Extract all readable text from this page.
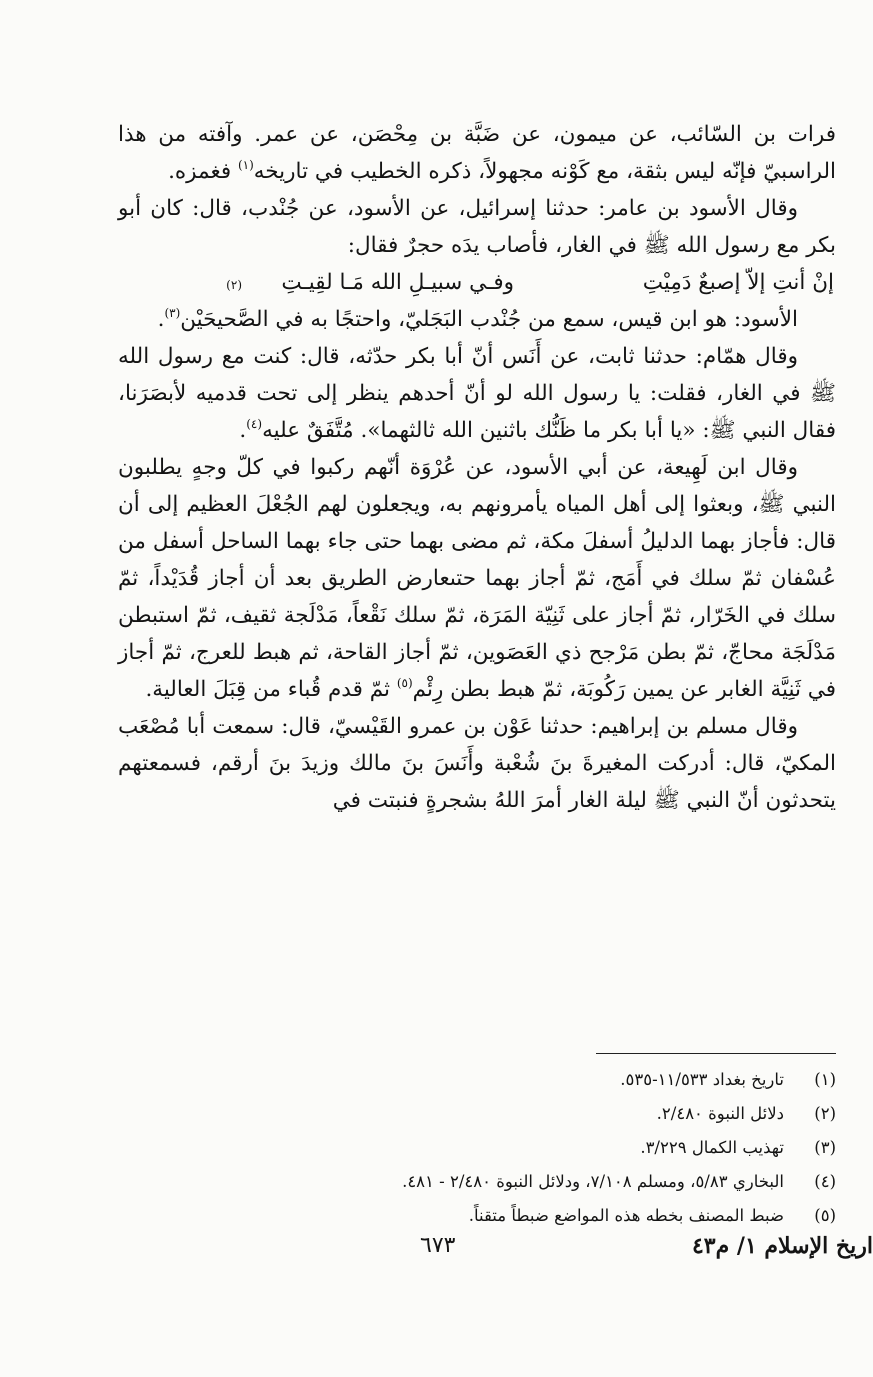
فرات بن السّائب، عن ميمون، عن ضَبَّة بن مِحْصَن، عن عمر. وآفته من هذا الراسبيّ فإنّه ليس بثقة، مع كَوْنه مجهولاً، ذكره الخطيب في تاريخه$^{(١)}$ فغمزه.

وقال الأسود بن عامر: حدثنا إسرائيل، عن الأسود، عن جُنْدب، قال: كان أبو بكر مع رسول الله ﷺ في الغار، فأصاب يدَه حجرٌ فقال:

إنْ أنتِ إلاّ إصبعٌ دَمِيْتِ
وفـي سبيـلِ الله مَـا لقِيـتِ
(٢)

الأسود: هو ابن قيس، سمع من جُنْدب البَجَليّ، واحتجًا به في الصَّحيحَيْن$^{(٣)}$.

وقال همّام: حدثنا ثابت، عن أَنَس أنّ أبا بكر حدّثه، قال: كنت مع رسول الله ﷺ في الغار، فقلت: يا رسول الله لو أنّ أحدهم ينظر إلى تحت قدميه لأبصَرَنا، فقال النبي ﷺ: «يا أبا بكر ما ظَنُّك باثنين الله ثالثهما». مُتَّفَقٌ عليه$^{(٤)}$.

وقال ابن لَهِيعة، عن أبي الأسود، عن عُرْوَة أنّهم ركبوا في كلّ وجهٍ يطلبون النبي ﷺ، وبعثوا إلى أهل المياه يأمرونهم به، ويجعلون لهم الجُعْلَ العظيم إلى أن قال: فأجاز بهما الدليلُ أسفلَ مكة، ثم مضى بهما حتى جاء بهما الساحل أسفل من عُسْفان ثمّ سلك في أَمَج، ثمّ أجاز بهما حتىعارض الطريق بعد أن أجاز قُدَيْداً، ثمّ سلك في الخَرّار، ثمّ أجاز على ثَنِيّة المَرَة، ثمّ سلك نَقْعاً، مَدْلَجة ثقيف، ثمّ استبطن مَدْلَجَة محاجّ، ثمّ بطن مَرْجح ذي العَصَوين، ثمّ أجاز القاحة، ثم هبط للعرج، ثمّ أجاز في ثَنِيَّة الغابر عن يمين رَكُوبَة، ثمّ هبط بطن رِئْم$^{(٥)}$ ثمّ قدم قُباء من قِبَلَ العالية.

وقال مسلم بن إبراهيم: حدثنا عَوْن بن عمرو القَيْسيّ، قال: سمعت أبا مُصْعَب المكيّ، قال: أدركت المغيرةَ بنَ شُعْبة وأَنَسَ بنَ مالك وزيدَ بنَ أرقم، فسمعتهم يتحدثون أنّ النبي ﷺ ليلة الغار أمرَ اللهُ بشجرةٍ فنبتت في

(١)
تاريخ بغداد ١١/٥٣٣-٥٣٥.
(٢)
دلائل النبوة ٢/٤٨٠.
(٣)
تهذيب الكمال ٣/٢٢٩.
(٤)
البخاري ٥/٨٣، ومسلم ٧/١٠٨، ودلائل النبوة ٢/٤٨٠ - ٤٨١.
(٥)
ضبط المصنف بخطه هذه المواضع ضبطاً متقناً.
اريخ الإسلام ١/ م٤٣
٦٧٣
